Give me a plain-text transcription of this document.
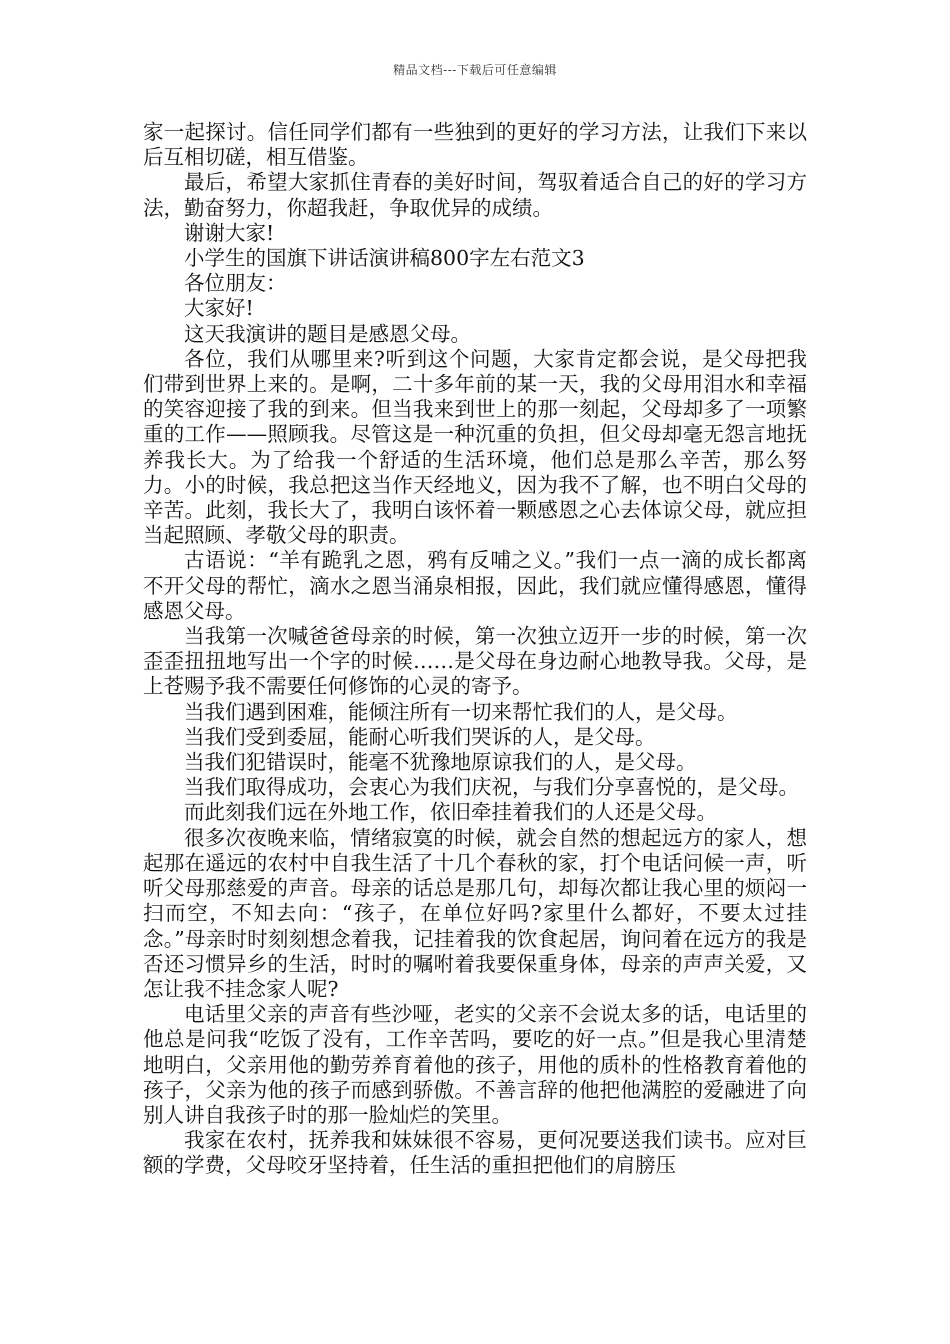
精品文档---下载后可任意编辑

家一起探讨。信任同学们都有一些独到的更好的学习方法，让我们下来以后互相切磋，相互借鉴。

最后，希望大家抓住青春的美好时间，驾驭着适合自己的好的学习方法，勤奋努力，你超我赶，争取优异的成绩。

谢谢大家!

小学生的国旗下讲话演讲稿800字左右范文3

各位朋友：

大家好!

这天我演讲的题目是感恩父母。

各位，我们从哪里来?听到这个问题，大家肯定都会说，是父母把我们带到世界上来的。是啊，二十多年前的某一天，我的父母用泪水和幸福的笑容迎接了我的到来。但当我来到世上的那一刻起，父母却多了一项繁重的工作——照顾我。尽管这是一种沉重的负担，但父母却毫无怨言地抚养我长大。为了给我一个舒适的生活环境，他们总是那么辛苦，那么努力。小的时候，我总把这当作天经地义，因为我不了解，也不明白父母的辛苦。此刻，我长大了，我明白该怀着一颗感恩之心去体谅父母，就应担当起照顾、孝敬父母的职责。

古语说：“羊有跪乳之恩，鸦有反哺之义。”我们一点一滴的成长都离不开父母的帮忙，滴水之恩当涌泉相报，因此，我们就应懂得感恩，懂得感恩父母。

当我第一次喊爸爸母亲的时候，第一次独立迈开一步的时候，第一次歪歪扭扭地写出一个字的时候……是父母在身边耐心地教导我。父母，是上苍赐予我不需要任何修饰的心灵的寄予。

当我们遇到困难，能倾注所有一切来帮忙我们的人，是父母。

当我们受到委屈，能耐心听我们哭诉的人，是父母。

当我们犯错误时，能毫不犹豫地原谅我们的人，是父母。

当我们取得成功，会衷心为我们庆祝，与我们分享喜悦的，是父母。

而此刻我们远在外地工作，依旧牵挂着我们的人还是父母。

很多次夜晚来临，情绪寂寞的时候，就会自然的想起远方的家人，想起那在遥远的农村中自我生活了十几个春秋的家，打个电话问候一声，听听父母那慈爱的声音。母亲的话总是那几句，却每次都让我心里的烦闷一扫而空，不知去向：“孩子，在单位好吗?家里什么都好，不要太过挂念。”母亲时时刻刻想念着我，记挂着我的饮食起居，询问着在远方的我是否还习惯异乡的生活，时时的嘱咐着我要保重身体，母亲的声声关爱，又怎让我不挂念家人呢?

电话里父亲的声音有些沙哑，老实的父亲不会说太多的话，电话里的他总是问我“吃饭了没有，工作辛苦吗，要吃的好一点。”但是我心里清楚地明白，父亲用他的勤劳养育着他的孩子，用他的质朴的性格教育着他的孩子，父亲为他的孩子而感到骄傲。不善言辞的他把他满腔的爱融进了向别人讲自我孩子时的那一脸灿烂的笑里。

我家在农村，抚养我和妹妹很不容易，更何况要送我们读书。应对巨额的学费，父母咬牙坚持着，任生活的重担把他们的肩膀压
